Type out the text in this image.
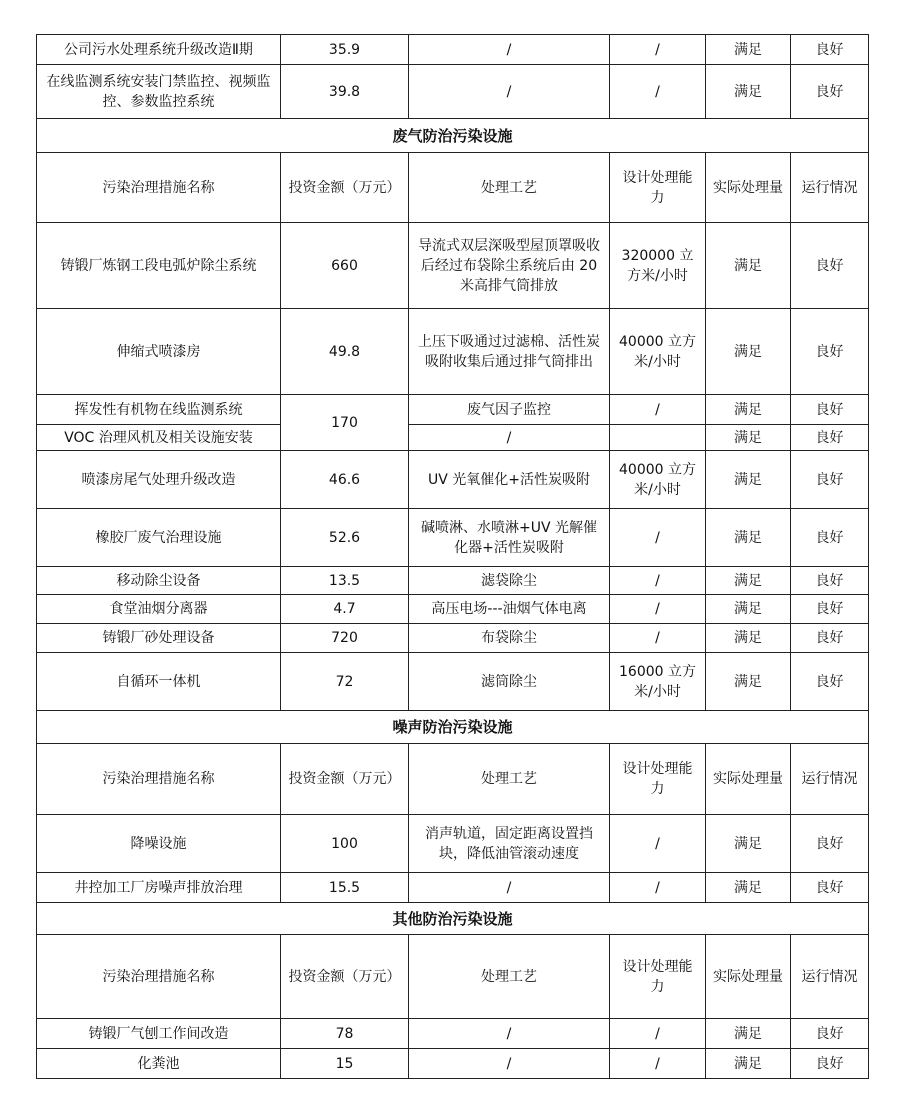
公司污水处理系统升级改造Ⅱ期	35.9	/	/	满足	良好
在线监测系统安装门禁监控、视频监控、参数监控系统	39.8	/	/	满足	良好
废气防治污染设施					
污染治理措施名称	投资金额（万元）	处理工艺	设计处理能力	实际处理量	运行情况
铸锻厂炼钢工段电弧炉除尘系统	660	导流式双层深吸型屋顶罩吸收后经过布袋除尘系统后由 20 米高排气筒排放	320000 立方米/小时	满足	良好
伸缩式喷漆房	49.8	上压下吸通过过滤棉、活性炭吸附收集后通过排气筒排出	40000 立方米/小时	满足	良好
挥发性有机物在线监测系统	170	废气因子监控	/	满足	良好
VOC 治理风机及相关设施安装		/		满足	良好
喷漆房尾气处理升级改造	46.6	UV 光氧催化+活性炭吸附	40000 立方米/小时	满足	良好
橡胶厂废气治理设施	52.6	碱喷淋、水喷淋+UV 光解催化器+活性炭吸附	/	满足	良好
移动除尘设备	13.5	滤袋除尘	/	满足	良好
食堂油烟分离器	4.7	高压电场---油烟气体电离	/	满足	良好
铸锻厂砂处理设备	720	布袋除尘	/	满足	良好
自循环一体机	72	滤筒除尘	16000 立方米/小时	满足	良好
噪声防治污染设施					
污染治理措施名称	投资金额（万元）	处理工艺	设计处理能力	实际处理量	运行情况
降噪设施	100	消声轨道，固定距离设置挡块，降低油管滚动速度	/	满足	良好
井控加工厂房噪声排放治理	15.5	/	/	满足	良好
其他防治污染设施					
污染治理措施名称	投资金额（万元）	处理工艺	设计处理能力	实际处理量	运行情况
铸锻厂气刨工作间改造	78	/	/	满足	良好
化粪池	15	/	/	满足	良好
